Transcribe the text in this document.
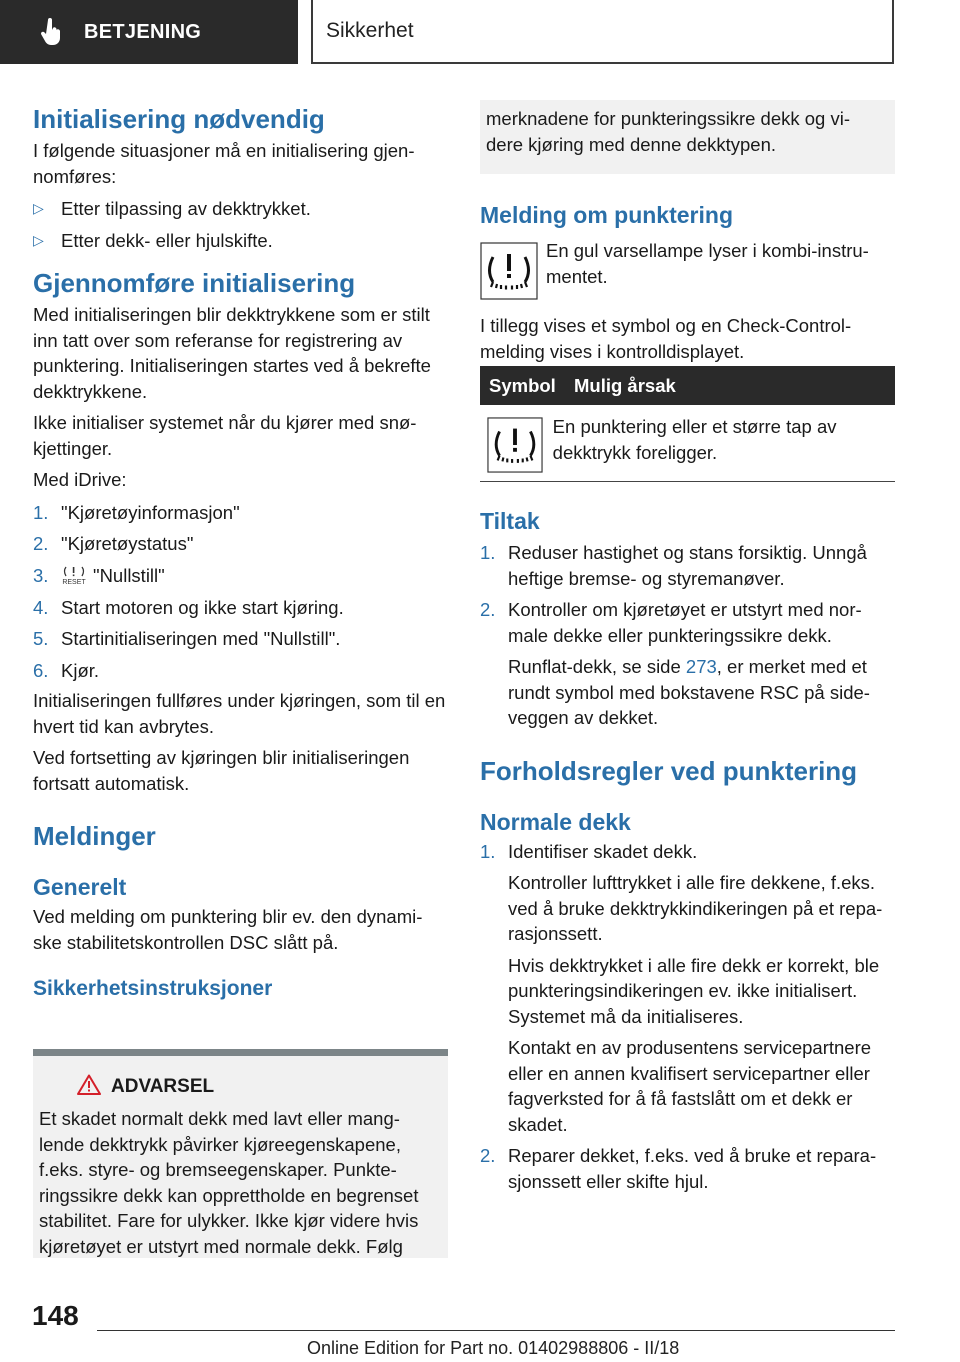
BETJENING	Sikkerhet
Initialisering nødvendig

I følgende situasjoner må en initialisering gjen-nomføres:

▷ Etter tilpassing av dekktrykket.
▷ Etter dekk- eller hjulskifte.
Gjennomføre initialisering

Med initialiseringen blir dekktrykkene som er stilt inn tatt over som referanse for registrering av punktering. Initialiseringen startes ved å bekrefte dekktrykkene.

Ikke initialiser systemet når du kjører med snø-kjettinger.

Med iDrive:

1. "Kjøretøyinformasjon"
2. "Kjøretøystatus"
3. RESET "Nullstill"
4. Start motoren og ikke start kjøring.
5. Startinitialiseringen med "Nullstill".
6. Kjør.

Initialiseringen fullføres under kjøringen, som til en hvert tid kan avbrytes.

Ved fortsetting av kjøringen blir initialiseringen fortsatt automatisk.

Meldinger
Generelt

Ved melding om punktering blir ev. den dynami-ske stabilitetskontrollen DSC slått på.

Sikkerhetsinstruksjoner
ADVARSEL

Et skadet normalt dekk med lavt eller mang-lende dekktrykk påvirker kjøreegenskapene, f.eks. styre- og bremseegenskaper. Punkte-ringssikre dekk kan opprettholde en begrenset stabilitet. Fare for ulykker. Ikke kjør videre hvis kjøretøyet er utstyrt med normale dekk. Følg

merknadene for punkteringssikre dekk og vi-dere kjøring med denne dekktypen.

Melding om punktering

En gul varsellampe lyser i kombi-instru-mentet.

I tillegg vises et symbol og en Check-Control-melding vises i kontrolldisplayet.

Symbol Mulig årsak
En punktering eller et større tap av dekktrykk foreligger.
Tiltak
1. Reduser hastighet og stans forsiktig. Unngå heftige bremse- og styremanøver.
2. Kontroller om kjøretøyet er utstyrt med nor-male dekke eller punkteringssikre dekk.

Runflat-dekk, se side 273, er merket med et rundt symbol med bokstavene RSC på side-veggen av dekket.

Forholdsregler ved punktering
Normale dekk
1. Identifiser skadet dekk.

Kontroller lufttrykket i alle fire dekkene, f.eks. ved å bruke dekktrykkindikeringen på et repa-rasjonssett.

Hvis dekktrykket i alle fire dekk er korrekt, ble punkteringsindikeringen ev. ikke initialisert. Systemet må da initialiseres.

Kontakt en av produsentens servicepartnere eller en annen kvalifisert servicepartner eller fagverksted for å få fastslått om et dekk er skadet.

2. Reparer dekket, f.eks. ved å bruke et repara-sjonssett eller skifte hjul.
148
Online Edition for Part no. 01402988806 - II/18
